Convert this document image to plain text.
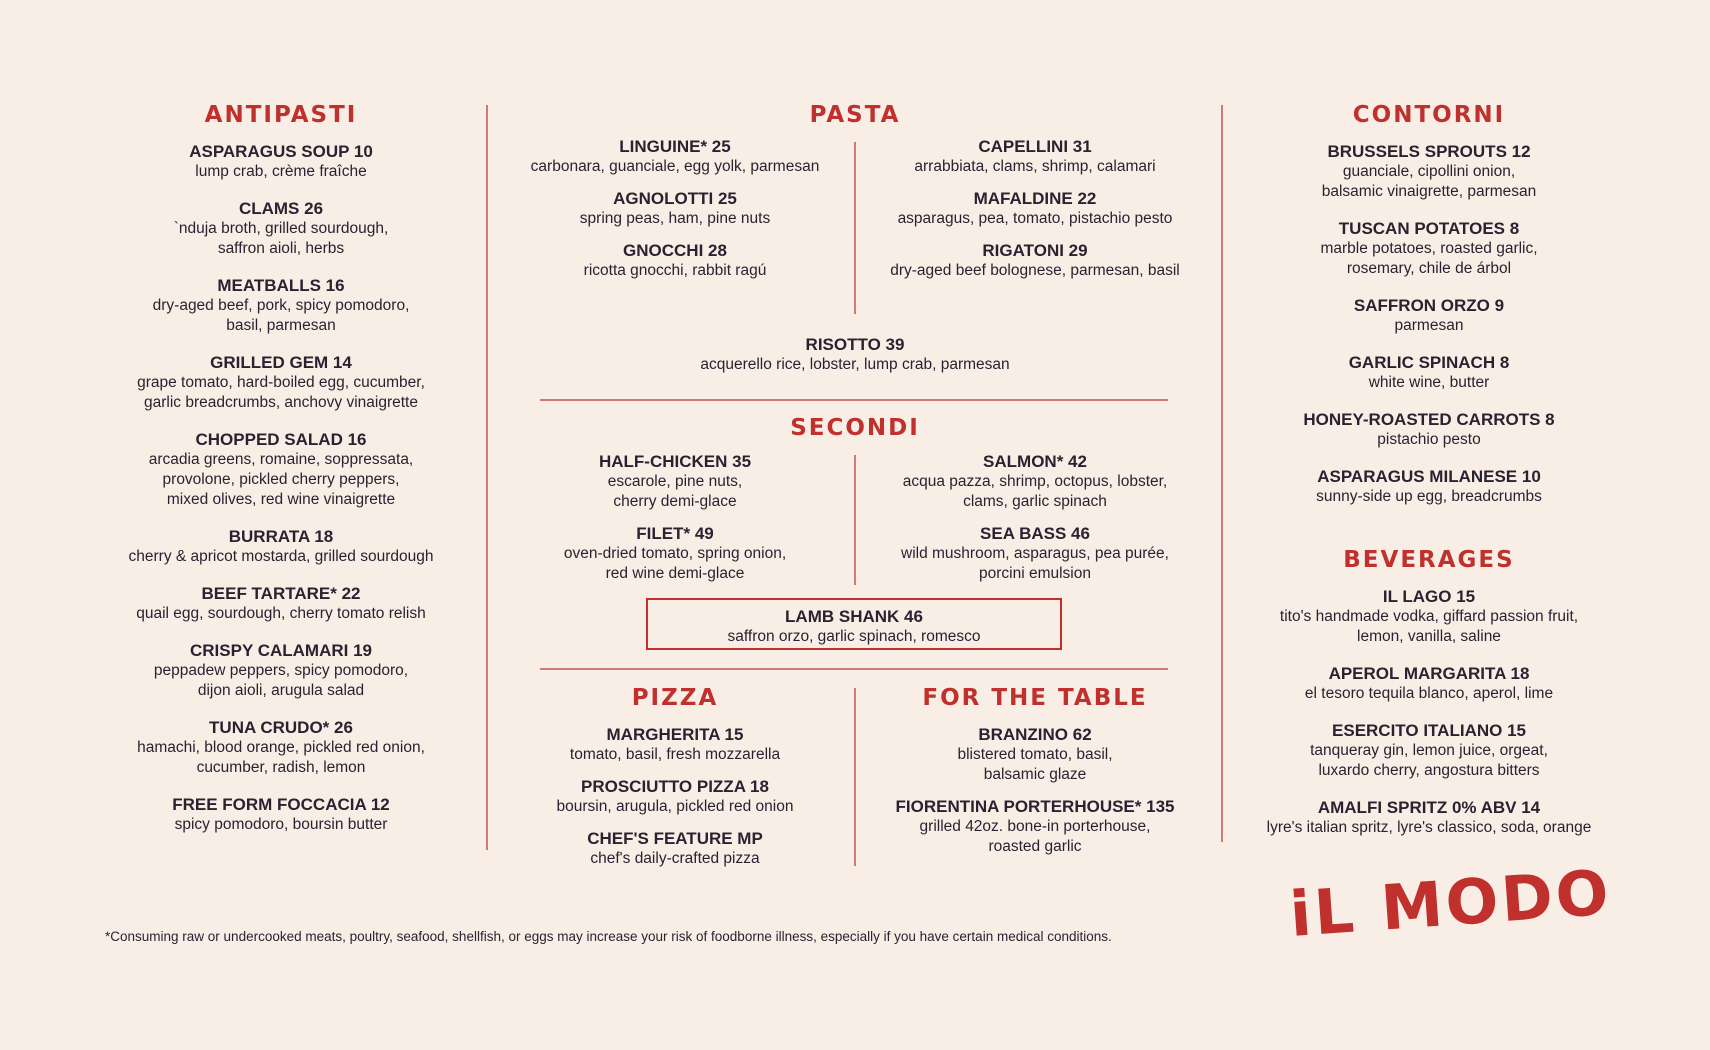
ANTIPASTI
ASPARAGUS SOUP 10
lump crab, crème fraîche
CLAMS 26
`nduja broth, grilled sourdough,
saffron aioli, herbs
MEATBALLS 16
dry-aged beef, pork, spicy pomodoro,
basil, parmesan
GRILLED GEM 14
grape tomato, hard-boiled egg, cucumber,
garlic breadcrumbs, anchovy vinaigrette
CHOPPED SALAD 16
arcadia greens, romaine, soppressata,
provolone, pickled cherry peppers,
mixed olives, red wine vinaigrette
BURRATA 18
cherry & apricot mostarda, grilled sourdough
BEEF TARTARE* 22
quail egg, sourdough, cherry tomato relish
CRISPY CALAMARI 19
peppadew peppers, spicy pomodoro,
dijon aioli, arugula salad
TUNA CRUDO* 26
hamachi, blood orange, pickled red onion,
cucumber, radish, lemon
FREE FORM FOCCACIA 12
spicy pomodoro, boursin butter
PASTA
LINGUINE* 25
carbonara, guanciale, egg yolk, parmesan
AGNOLOTTI 25
spring peas, ham, pine nuts
GNOCCHI 28
ricotta gnocchi, rabbit ragú
CAPELLINI 31
arrabbiata, clams, shrimp, calamari
MAFALDINE 22
asparagus, pea, tomato, pistachio pesto
RIGATONI 29
dry-aged beef bolognese, parmesan, basil
RISOTTO 39
acquerello rice, lobster, lump crab, parmesan
SECONDI
HALF-CHICKEN 35
escarole, pine nuts,
cherry demi-glace
FILET* 49
oven-dried tomato, spring onion,
red wine demi-glace
SALMON* 42
acqua pazza, shrimp, octopus, lobster,
clams, garlic spinach
SEA BASS 46
wild mushroom, asparagus, pea purée,
porcini emulsion
LAMB SHANK 46
saffron orzo, garlic spinach, romesco
PIZZA
MARGHERITA 15
tomato, basil, fresh mozzarella
PROSCIUTTO PIZZA 18
boursin, arugula, pickled red onion
CHEF'S FEATURE MP
chef's daily-crafted pizza
FOR THE TABLE
BRANZINO 62
blistered tomato, basil,
balsamic glaze
FIORENTINA PORTERHOUSE* 135
grilled 42oz. bone-in porterhouse,
roasted garlic
CONTORNI
BRUSSELS SPROUTS 12
guanciale, cipollini onion,
balsamic vinaigrette, parmesan
TUSCAN POTATOES 8
marble potatoes, roasted garlic,
rosemary, chile de árbol
SAFFRON ORZO 9
parmesan
GARLIC SPINACH 8
white wine, butter
HONEY-ROASTED CARROTS 8
pistachio pesto
ASPARAGUS MILANESE 10
sunny-side up egg, breadcrumbs
BEVERAGES
IL LAGO 15
tito's handmade vodka, giffard passion fruit,
lemon, vanilla, saline
APEROL MARGARITA 18
el tesoro tequila blanco, aperol, lime
ESERCITO ITALIANO 15
tanqueray gin, lemon juice, orgeat,
luxardo cherry, angostura bitters
AMALFI SPRITZ 0% ABV 14
lyre's italian spritz, lyre's classico, soda, orange
*Consuming raw or undercooked meats, poultry, seafood, shellfish, or eggs may increase your risk of foodborne illness, especially if you have certain medical conditions.	iL MODO
